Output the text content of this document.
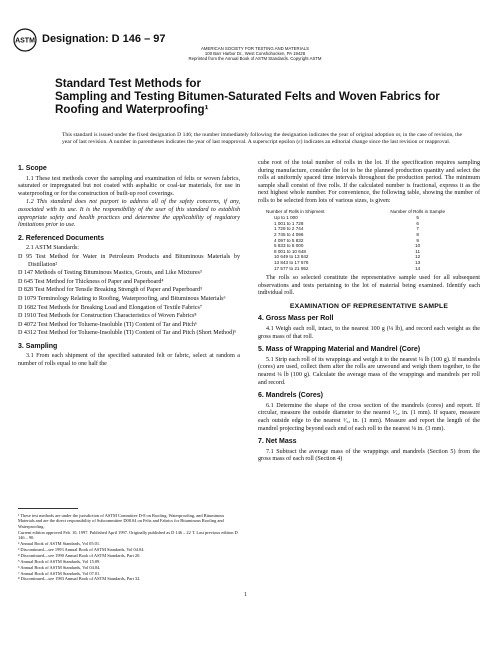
ASTM Designation: D 146 – 97
AMERICAN SOCIETY FOR TESTING AND MATERIALS
100 Barr Harbor Dr., West Conshohocken, PA 19428
Reprinted from the Annual Book of ASTM Standards. Copyright ASTM
Standard Test Methods for
Sampling and Testing Bitumen-Saturated Felts and Woven Fabrics for Roofing and Waterproofing¹
This standard is issued under the fixed designation D 146; the number immediately following the designation indicates the year of original adoption or, in the case of revision, the year of last revision. A number in parentheses indicates the year of last reapproval. A superscript epsilon (ε) indicates an editorial change since the last revision or reapproval.
1. Scope

1.1 These test methods cover the sampling and examination of felts or woven fabrics, saturated or impregnated but not coated with asphaltic or coal-tar materials, for use in waterproofing or for the construction of built-up roof coverings.

1.2 This standard does not purport to address all of the safety concerns, if any, associated with its use. It is the responsibility of the user of this standard to establish appropriate safety and health practices and determine the applicability of regulatory limitations prior to use.

2. Referenced Documents

2.1 ASTM Standards:

D 95 Test Method for Water in Petroleum Products and Bituminous Materials by Distillation²
D 147 Methods of Testing Bituminous Mastics, Grouts, and Like Mixtures³
D 645 Test Method for Thickness of Paper and Paperboard⁴
D 828 Test Method for Tensile Breaking Strength of Paper and Paperboard⁵
D 1079 Terminology Relating to Roofing, Waterproofing, and Bituminous Materials⁶
D 1682 Test Methods for Breaking Load and Elongation of Textile Fabrics⁷
D 1910 Test Methods for Construction Characteristics of Woven Fabrics⁸
D 4072 Test Method for Toluene-Insoluble (TI) Content of Tar and Pitch⁶
D 4312 Test Method for Toluene-Insoluble (TI) Content of Tar and Pitch (Short Method)⁶
3. Sampling

3.1 From each shipment of the specified saturated felt or fabric, select at random a number of rolls equal to one half the

cube root of the total number of rolls in the lot. If the specification requires sampling during manufacture, consider the lot to be the planned production quantity and select the rolls at uniformly spaced time intervals throughout the production period. The minimum sample shall consist of five rolls. If the calculated number is fractional, express it as the next highest whole number. For convenience, the following table, showing the number of rolls to be selected from lots of various sizes, is given:

Number of Rolls in Shipment	Number of Rolls in Sample
Up to 1 000	5
1 001 to 1 728	6
1 729 to 2 744	7
2 745 to 4 096	8
4 097 to 5 832	9
5 833 to 8 000	10
8 001 to 10 648	11
10 649 to 13 842	12
13 843 to 17 576	13
17 577 to 21 952	14

The rolls so selected constitute the representative sample used for all subsequent observations and tests pertaining to the lot of material being examined. Identify each individual roll.

EXAMINATION OF REPRESENTATIVE SAMPLE
4. Gross Mass per Roll

4.1 Weigh each roll, intact, to the nearest 100 g (¼ lb), and record each weight as the gross mass of that roll.

5. Mass of Wrapping Material and Mandrel (Core)

5.1 Strip each roll of its wrappings and weigh it to the nearest ¼ lb (100 g). If mandrels (cores) are used, collect them after the rolls are unwound and weigh them together, to the nearest ¼ lb (100 g). Calculate the average mass of the wrappings and mandrels per roll and record.

6. Mandrels (Cores)

6.1 Determine the shape of the cross section of the mandrels (cores) and report. If circular, measure the outside diameter to the nearest ¹⁄₃₂ in. (1 mm). If square, measure each outside edge to the nearest ¹⁄₃₂ in. (1 mm). Measure and report the length of the mandrel projecting beyond each end of each roll to the nearest ⅛ in. (3 mm).

7. Net Mass

7.1 Subtract the average mass of the wrappings and mandrels (Section 5) from the gross mass of each roll (Section 4)

¹ These test methods are under the jurisdiction of ASTM Committee D-8 on Roofing, Waterproofing, and Bituminous Materials and are the direct responsibility of Subcommittee D08.04 on Felts and Fabrics for Bituminous Roofing and Waterproofing.

Current edition approved Feb. 10, 1997. Published April 1997. Originally published as D 146 – 22 T. Last previous edition D 146 – 90.

² Annual Book of ASTM Standards, Vol 05.01.

³ Discontinued—see 1993 Annual Book of ASTM Standards, Vol 04.04.

⁴ Discontinued—see 1990 Annual Book of ASTM Standards, Part 20.

⁵ Annual Book of ASTM Standards, Vol 15.09.

⁶ Annual Book of ASTM Standards, Vol 04.04.

⁷ Annual Book of ASTM Standards, Vol 07.01.

⁸ Discontinued—see 1983 Annual Book of ASTM Standards, Part 32.

1
